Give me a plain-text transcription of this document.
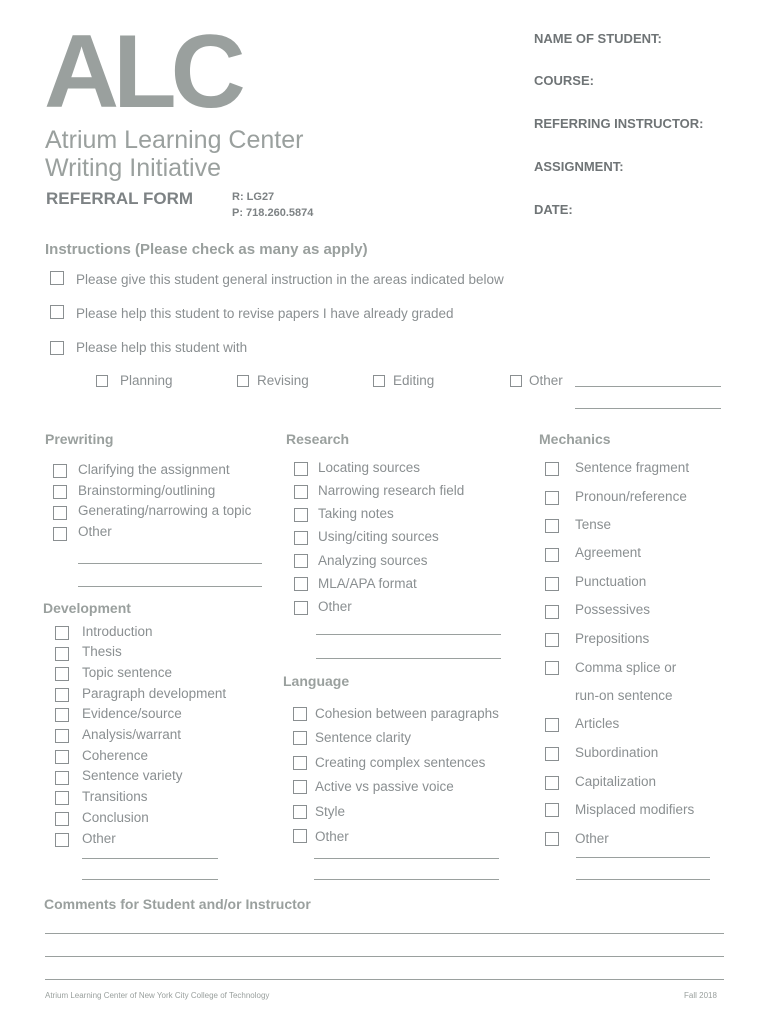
ALC
Atrium Learning Center
Writing Initiative
REFERRAL FORM	R: LG27
P: 718.260.5874
NAME OF STUDENT:
COURSE:
REFERRING INSTRUCTOR:
ASSIGNMENT:
DATE:
Instructions (Please check as many as apply)
Please give this student general instruction in the areas indicated below
Please help this student to revise papers I have already graded
Please help this student with
Planning	Revising	Editing	Other
Prewriting
Clarifying the assignment
Brainstorming/outlining
Generating/narrowing a topic
Other
Research
Locating sources
Narrowing research field
Taking notes
Using/citing sources
Analyzing sources
MLA/APA format
Other
Mechanics
Sentence fragment
Pronoun/reference
Tense
Agreement
Punctuation
Possessives
Prepositions
Comma splice or
run-on sentence
Articles
Subordination
Capitalization
Misplaced modifiers
Other
Development
Introduction
Thesis
Topic sentence
Paragraph development
Evidence/source
Analysis/warrant
Coherence
Sentence variety
Transitions
Conclusion
Other
Language
Cohesion between paragraphs
Sentence clarity
Creating complex sentences
Active vs passive voice
Style
Other
Comments for Student and/or Instructor
Atrium Learning Center of New York City College of Technology	Fall 2018
